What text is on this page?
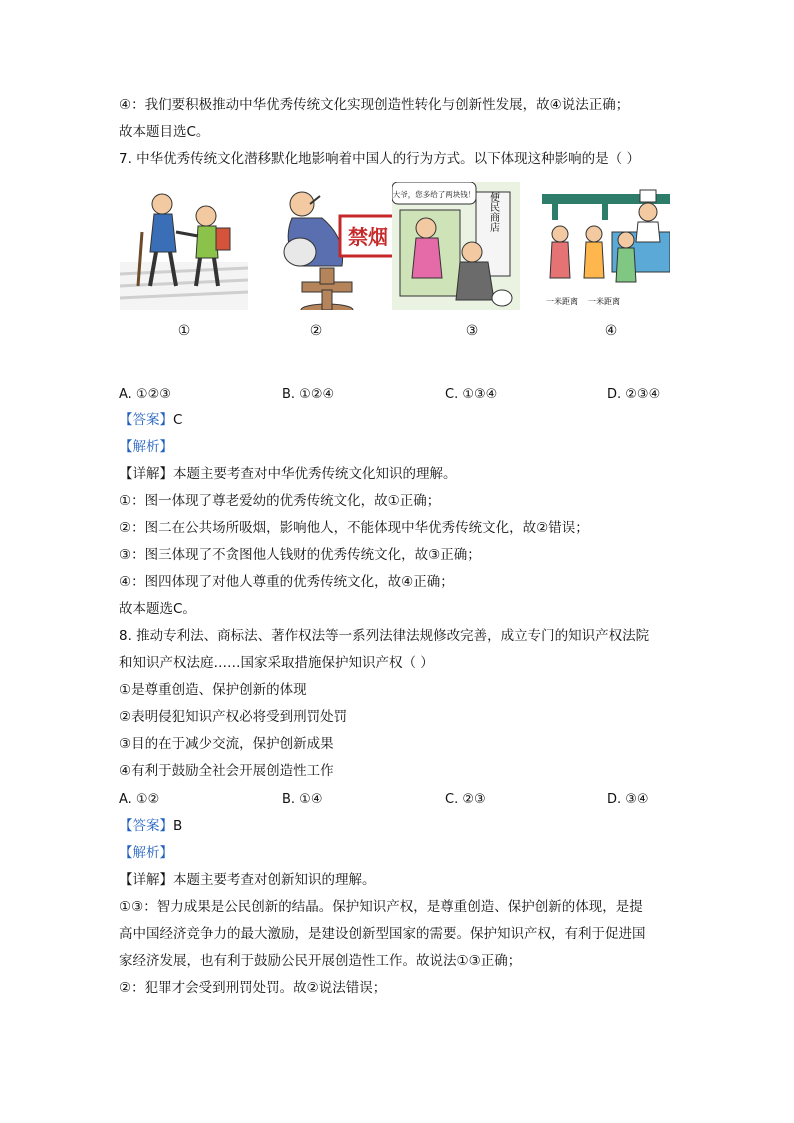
④：我们要积极推动中华优秀传统文化实现创造性转化与创新性发展，故④说法正确；
故本题目选C。
7. 中华优秀传统文化潜移默化地影响着中国人的行为方式。以下体现这种影响的是（ ）
禁烟
大爷，您多给了两块钱！ 便民商店
一米距离 一米距离
①	②	③	④
A. ①②③	B. ①②④	C. ①③④	D. ②③④
【答案】C
【解析】
【详解】本题主要考查对中华优秀传统文化知识的理解。
①：图一体现了尊老爱幼的优秀传统文化，故①正确；
②：图二在公共场所吸烟，影响他人，不能体现中华优秀传统文化，故②错误；
③：图三体现了不贪图他人钱财的优秀传统文化，故③正确；
④：图四体现了对他人尊重的优秀传统文化，故④正确；
故本题选C。
8. 推动专利法、商标法、著作权法等一系列法律法规修改完善，成立专门的知识产权法院
和知识产权法庭……国家采取措施保护知识产权（ ）
①是尊重创造、保护创新的体现
②表明侵犯知识产权必将受到刑罚处罚
③目的在于减少交流，保护创新成果
④有利于鼓励全社会开展创造性工作
A. ①②	B. ①④	C. ②③	D. ③④
【答案】B
【解析】
【详解】本题主要考查对创新知识的理解。
①③：智力成果是公民创新的结晶。保护知识产权，是尊重创造、保护创新的体现，是提
高中国经济竞争力的最大激励，是建设创新型国家的需要。保护知识产权，有利于促进国
家经济发展，也有利于鼓励公民开展创造性工作。故说法①③正确；
②：犯罪才会受到刑罚处罚。故②说法错误；
